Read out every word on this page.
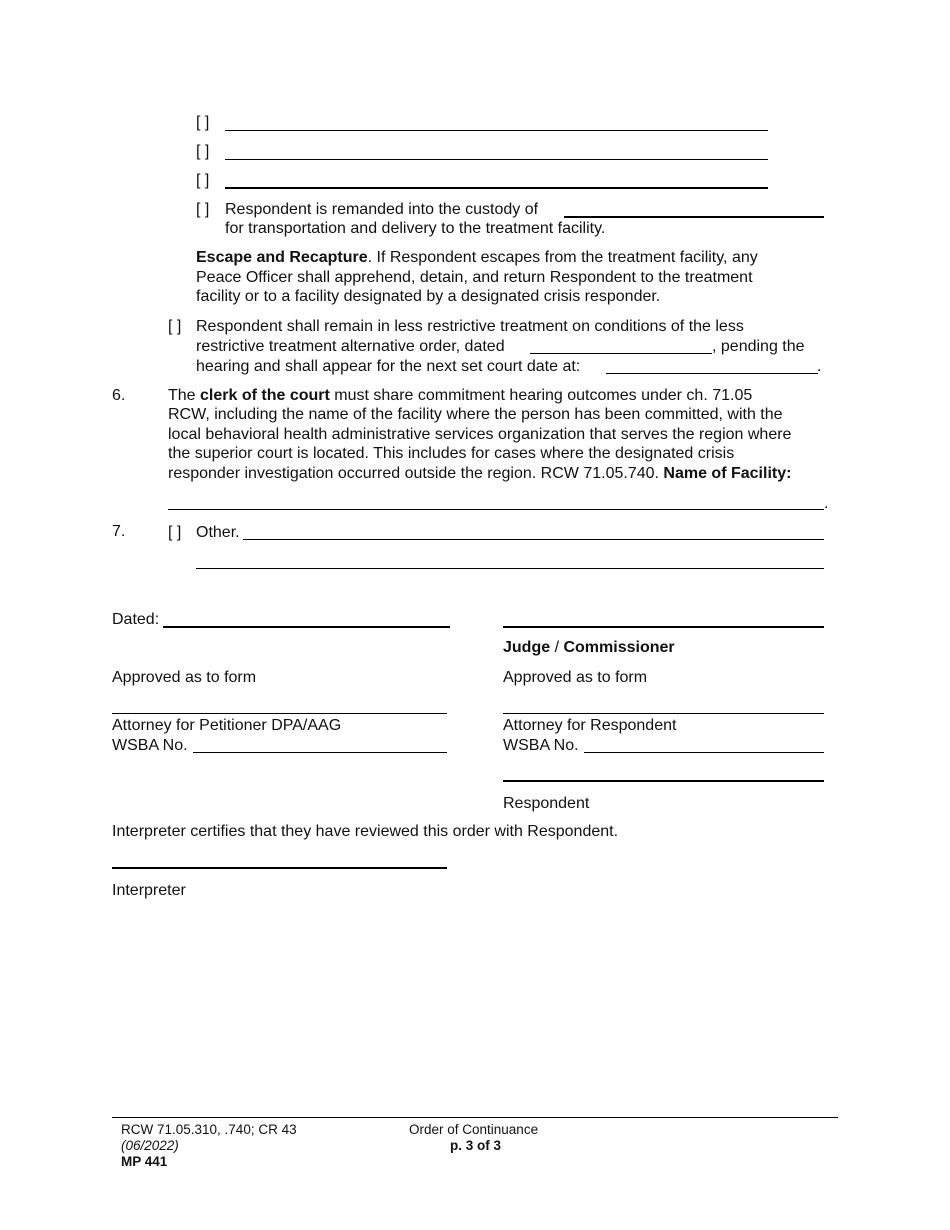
[ ]
[ ]
[ ]
[ ] Respondent is remanded into the custody of
for transportation and delivery to the treatment facility.
Escape and Recapture. If Respondent escapes from the treatment facility, any
Peace Officer shall apprehend, detain, and return Respondent to the treatment
facility or to a facility designated by a designated crisis responder.
[ ] Respondent shall remain in less restrictive treatment on conditions of the less
restrictive treatment alternative order, dated	, pending the
hearing and shall appear for the next set court date at:	.
6.	The clerk of the court must share commitment hearing outcomes under ch. 71.05
RCW, including the name of the facility where the person has been committed, with the
local behavioral health administrative services organization that serves the region where
the superior court is located. This includes for cases where the designated crisis
responder investigation occurred outside the region. RCW 71.05.740. Name of Facility:
.
7.	[ ] Other.
Dated:
Judge / Commissioner
Approved as to form	Approved as to form
Attorney for Petitioner DPA/AAG	Attorney for Respondent
WSBA No.	WSBA No.
Respondent
Interpreter certifies that they have reviewed this order with Respondent.
Interpreter
RCW 71.05.310, .740; CR 43
(06/2022)
MP 441
Order of Continuance
p. 3 of 3
